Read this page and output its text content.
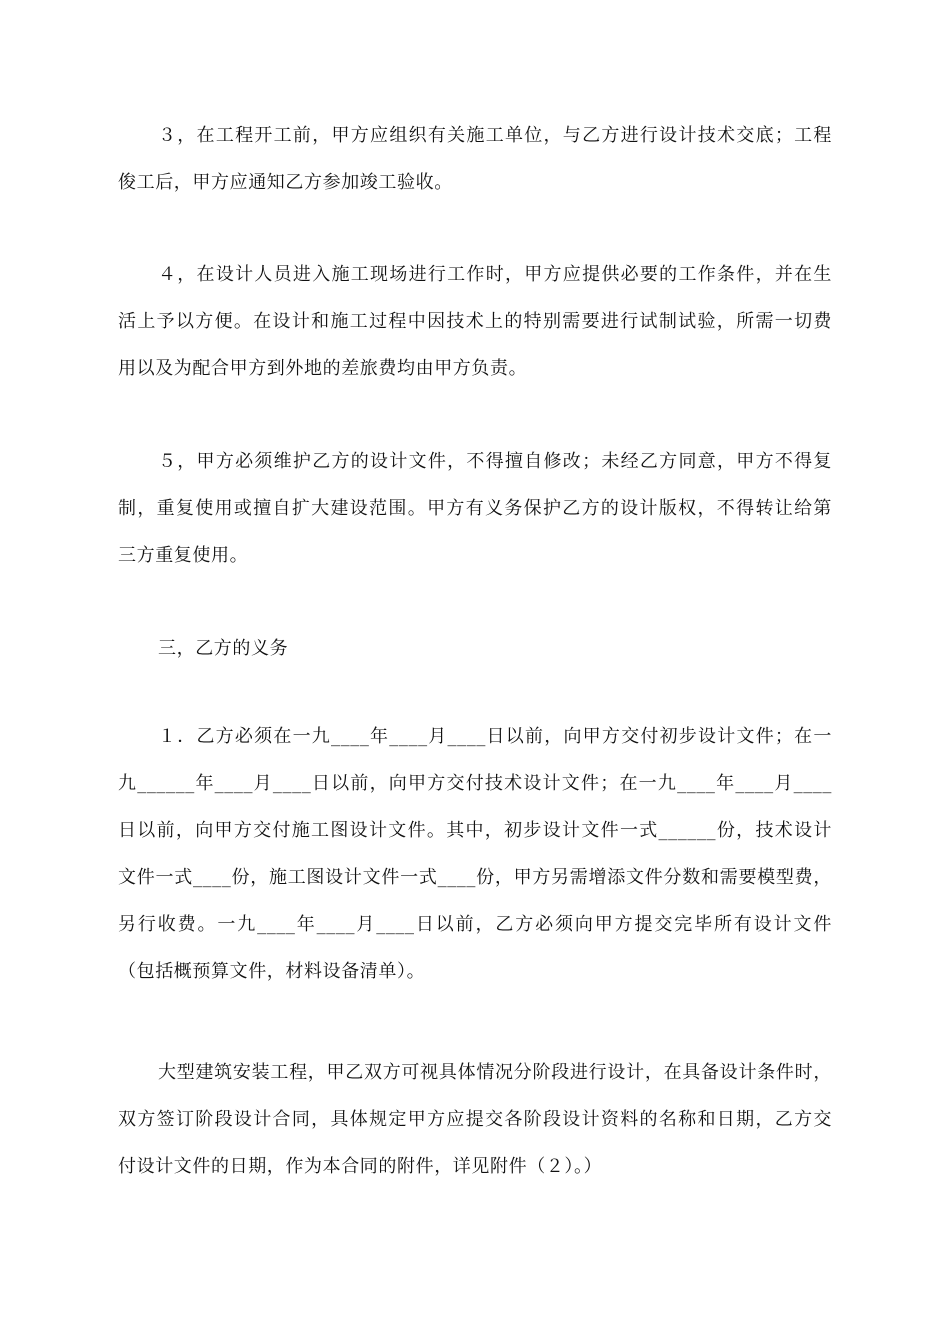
３，在工程开工前，甲方应组织有关施工单位，与乙方进行设计技术交底；工程
俊工后，甲方应通知乙方参加竣工验收。
４，在设计人员进入施工现场进行工作时，甲方应提供必要的工作条件，并在生
活上予以方便。在设计和施工过程中因技术上的特别需要进行试制试验，所需一切费
用以及为配合甲方到外地的差旅费均由甲方负责。
５，甲方必须维护乙方的设计文件，不得擅自修改；未经乙方同意，甲方不得复
制，重复使用或擅自扩大建设范围。甲方有义务保护乙方的设计版权，不得转让给第
三方重复使用。
三，乙方的义务
１．乙方必须在一九____年____月____日以前，向甲方交付初步设计文件；在一
九______年____月____日以前，向甲方交付技术设计文件；在一九____年____月____
日以前，向甲方交付施工图设计文件。其中，初步设计文件一式______份，技术设计
文件一式____份，施工图设计文件一式____份，甲方另需增添文件分数和需要模型费，
另行收费。一九____年____月____日以前，乙方必须向甲方提交完毕所有设计文件
（包括概预算文件，材料设备清单）。
大型建筑安装工程，甲乙双方可视具体情况分阶段进行设计，在具备设计条件时，
双方签订阶段设计合同，具体规定甲方应提交各阶段设计资料的名称和日期，乙方交
付设计文件的日期，作为本合同的附件，详见附件（２）。）
